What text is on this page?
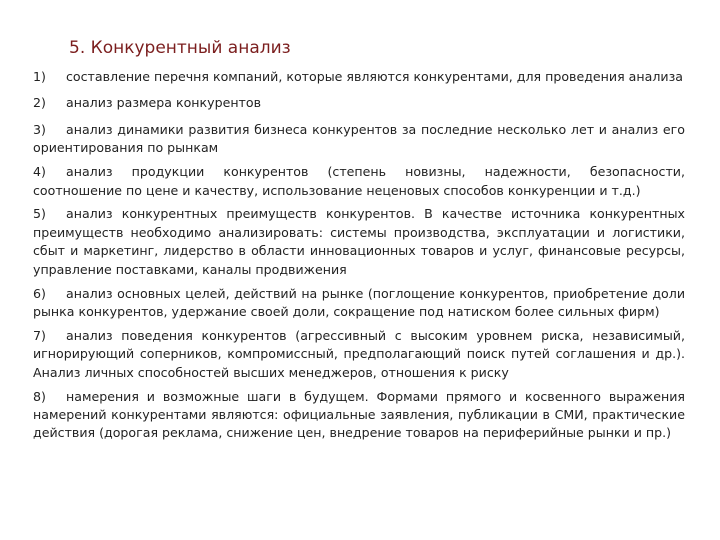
5. Конкурентный анализ

1) составление перечня компаний, которые являются конкурентами, для проведения анализа

2) анализ размера конкурентов

3) анализ динамики развития бизнеса конкурентов за последние несколько лет и анализ его ориентирования по рынкам

4) анализ продукции конкурентов (степень новизны, надежности, безопасности, соотношение по цене и качеству, использование неценовых способов конкуренции и т.д.)

5) анализ конкурентных преимуществ конкурентов. В качестве источника конкурентных преимуществ необходимо анализировать: системы производства, эксплуатации и логистики, сбыт и маркетинг, лидерство в области инновационных товаров и услуг, финансовые ресурсы, управление поставками, каналы продвижения

6) анализ основных целей, действий на рынке (поглощение конкурентов, приобретение доли рынка конкурентов, удержание своей доли, сокращение под натиском более сильных фирм)

7) анализ поведения конкурентов (агрессивный с высоким уровнем риска, независимый, игнорирующий соперников, компромиссный, предполагающий поиск путей соглашения и др.). Анализ личных способностей высших менеджеров, отношения к риску

8) намерения и возможные шаги в будущем. Формами прямого и косвенного выражения намерений конкурентами являются: официальные заявления, публикации в СМИ, практические действия (дорогая реклама, снижение цен, внедрение товаров на периферийные рынки и пр.)
